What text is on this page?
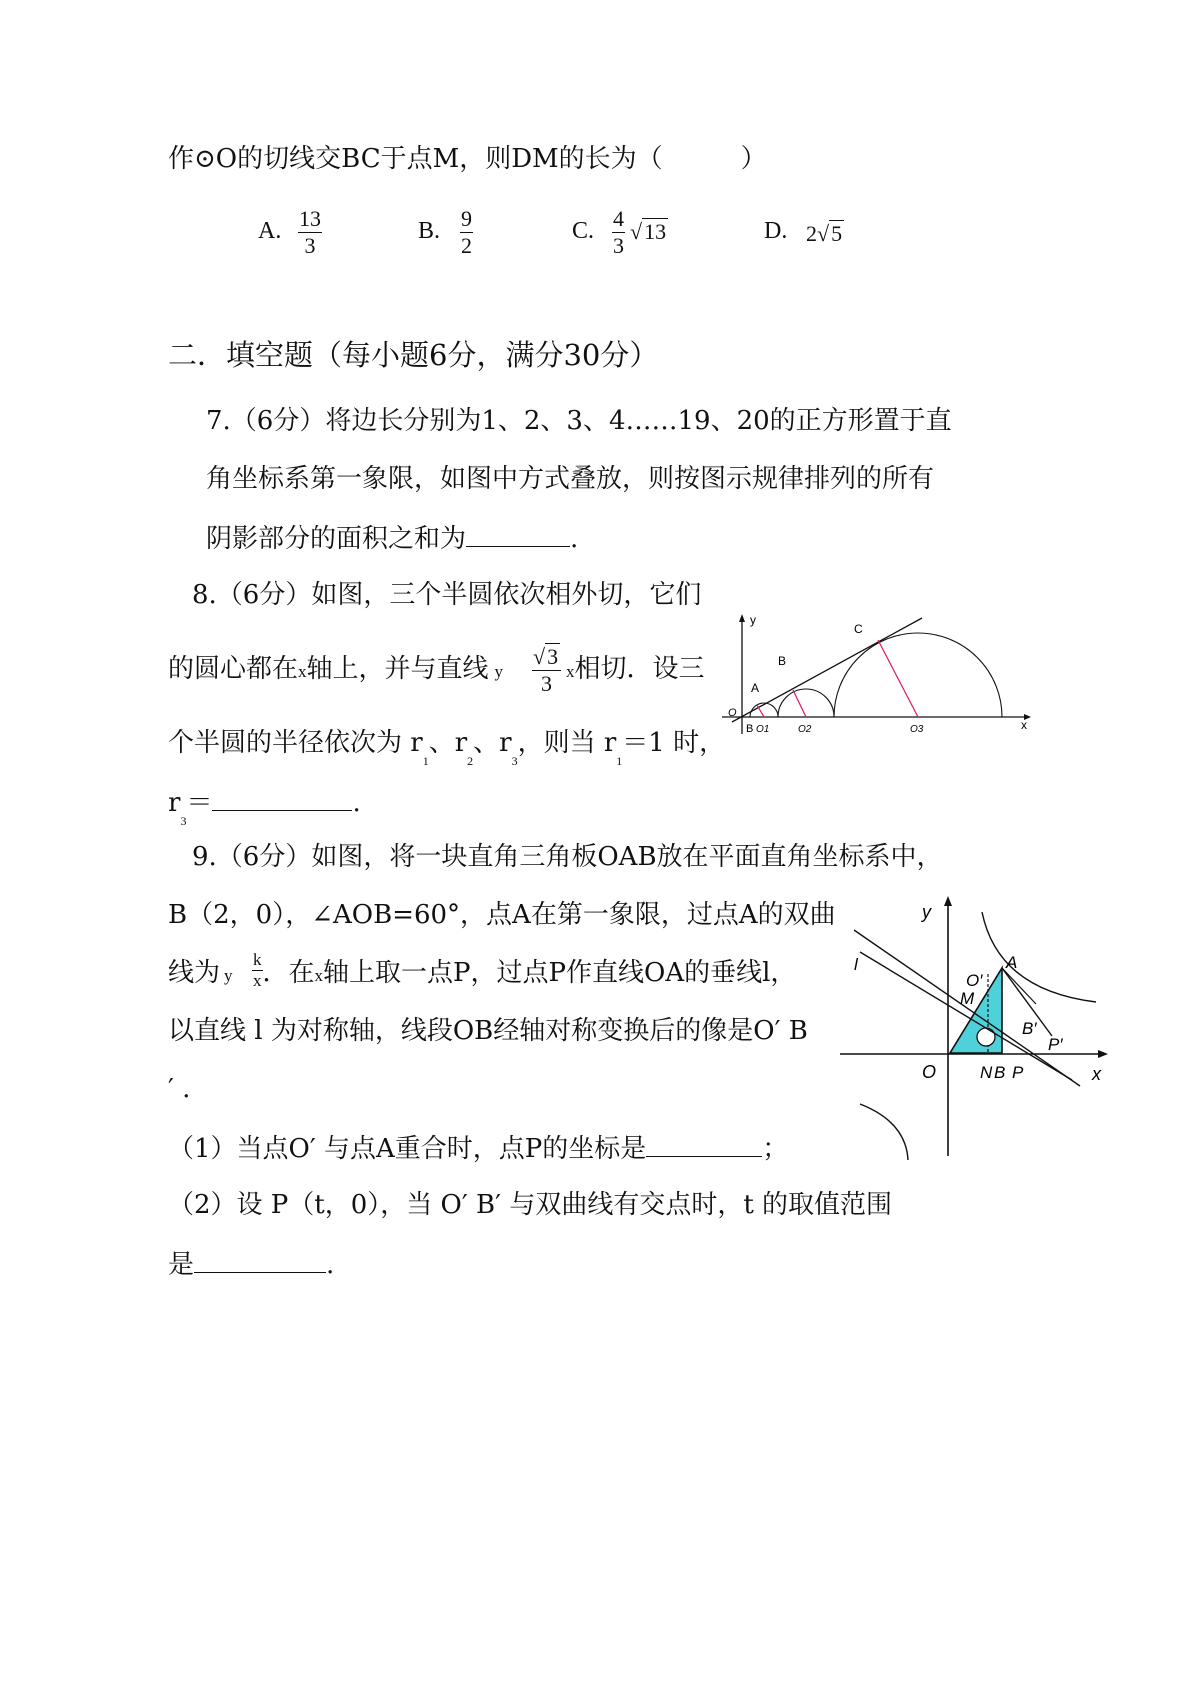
作⊙O的切线交BC于点M，则DM的长为（　　　）
A. $\frac{13}{3}$	B. $\frac{9}{2}$	C. $\frac{4}{3} √13$	D. 2√5
二．填空题（每小题6分，满分30分）
7.（6分）将边长分别为1、2、3、4……19、20的正方形置于直
角坐标系第一象限，如图中方式叠放，则按图示规律排列的所有
阴影部分的面积之和为	.
8.（6分）如图，三个半圆依次相外切，它们
的圆心都在x轴上，并与直线 y $\frac{√3}{3}$ x相切．设三
个半圆的半径依次为 $r_1$、$r_2$、$r_3$，则当 $r_1=1$ 时，
$r_3=$	.
y
x
O
A
B
C
B O1	O2	O3
9.（6分）如图，将一块直角三角板OAB放在平面直角坐标系中，
B（2，0），∠AOB=60°，点A在第一象限，过点A的双曲
线为 y ．在x轴上取一点P，过点P作直线OA的垂线l，
$\frac{k}{x}$
以直线 l 为对称轴，线段OB经轴对称变换后的像是O′ B
′ .
（1）当点O′ 与点A重合时，点P的坐标是	；
（2）设 P（t，0），当 O′ B′ 与双曲线有交点时，t 的取值范围
是	.
y
x
O
A
O′
M
B′
P′
N B P
l
